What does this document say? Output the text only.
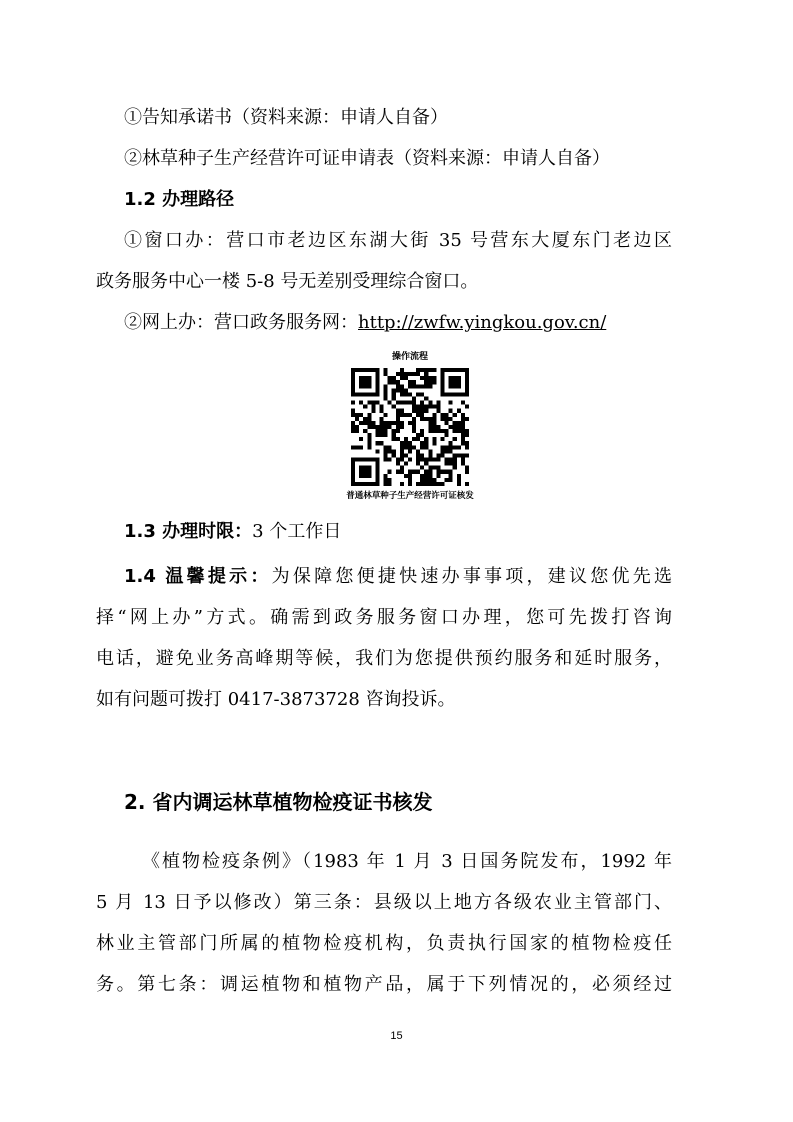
①告知承诺书（资料来源：申请人自备）
②林草种子生产经营许可证申请表（资料来源：申请人自备）
1.2 办理路径
①窗口办：营口市老边区东湖大街 35 号营东大厦东门老边区
政务服务中心一楼 5-8 号无差别受理综合窗口。
②网上办：营口政务服务网：http://zwfw.yingkou.gov.cn/
操作流程
普通林草种子生产经营许可证核发
1.3 办理时限：3 个工作日
1.4 温馨提示：为保障您便捷快速办事事项，建议您优先选
择“网上办”方式。确需到政务服务窗口办理，您可先拨打咨询
电话，避免业务高峰期等候，我们为您提供预约服务和延时服务，
如有问题可拨打 0417-3873728 咨询投诉。
2. 省内调运林草植物检疫证书核发
《植物检疫条例》（1983 年 1 月 3 日国务院发布，1992 年
5 月 13 日予以修改）第三条：县级以上地方各级农业主管部门、
林业主管部门所属的植物检疫机构，负责执行国家的植物检疫任
务。第七条：调运植物和植物产品，属于下列情况的，必须经过
15
